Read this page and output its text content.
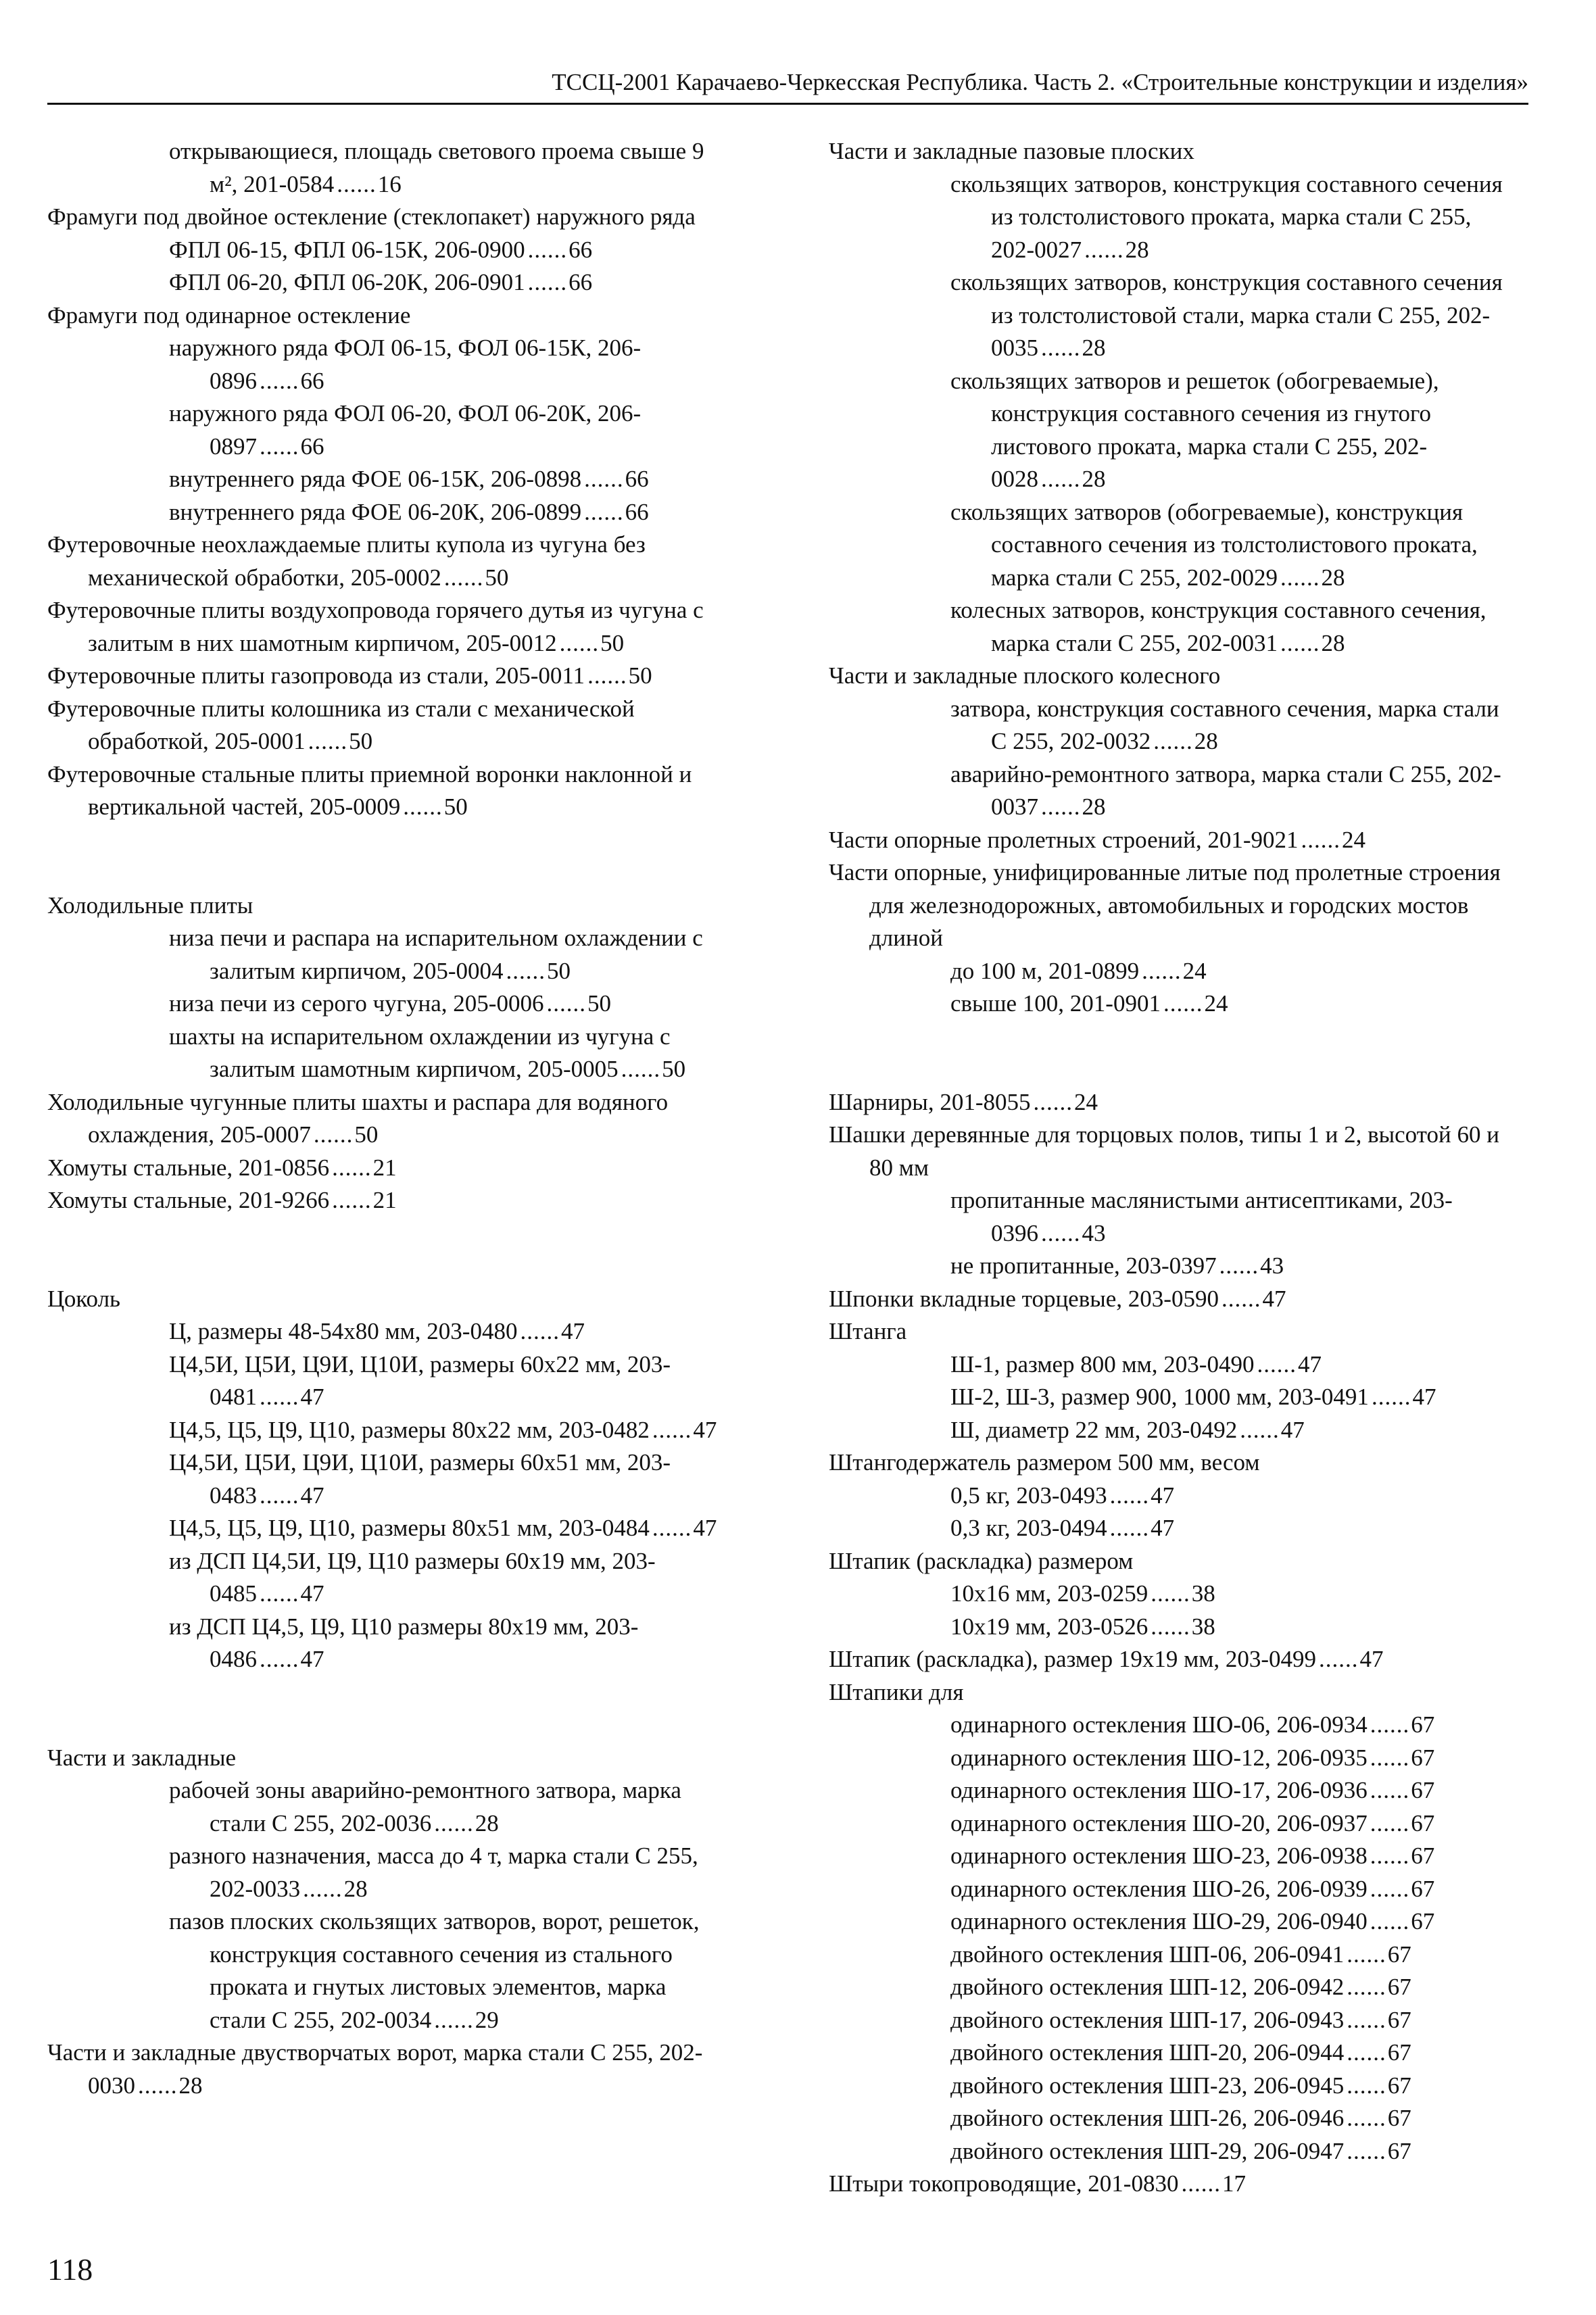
ТССЦ-2001 Карачаево-Черкесская Республика. Часть 2. «Строительные конструкции и изделия»
открывающиеся, площадь светового проема свыше 9 м², 201-0584 ......16
Фрамуги под двойное остекление (стеклопакет) наружного ряда
ФПЛ 06-15, ФПЛ 06-15К, 206-0900 ......66
ФПЛ 06-20, ФПЛ 06-20К, 206-0901 ......66
Фрамуги под одинарное остекление
наружного ряда ФОЛ 06-15, ФОЛ 06-15К, 206-0896 ......66
наружного ряда ФОЛ 06-20, ФОЛ 06-20К, 206-0897 ......66
внутреннего ряда ФОЕ 06-15К, 206-0898 ......66
внутреннего ряда ФОЕ 06-20К, 206-0899 ......66
Футеровочные неохлаждаемые плиты купола из чугуна без механической обработки, 205-0002 ......50
Футеровочные плиты воздухопровода горячего дутья из чугуна с залитым в них шамотным кирпичом, 205-0012 ......50
Футеровочные плиты газопровода из стали, 205-0011 ......50
Футеровочные плиты колошника из стали с механической обработкой, 205-0001 ......50
Футеровочные стальные плиты приемной воронки наклонной и вертикальной частей, 205-0009 ......50
Холодильные плиты
низа печи и распара на испарительном охлаждении с залитым кирпичом, 205-0004 ......50
низа печи из серого чугуна, 205-0006 ......50
шахты на испарительном охлаждении из чугуна с залитым шамотным кирпичом, 205-0005 ......50
Холодильные чугунные плиты шахты и распара для водяного охлаждения, 205-0007 ......50
Хомуты стальные, 201-0856 ......21
Хомуты стальные, 201-9266 ......21
Цоколь
Ц, размеры 48-54x80 мм, 203-0480 ......47
Ц4,5И, Ц5И, Ц9И, Ц10И, размеры 60x22 мм, 203-0481 ......47
Ц4,5, Ц5, Ц9, Ц10, размеры 80x22 мм, 203-0482 ......47
Ц4,5И, Ц5И, Ц9И, Ц10И, размеры 60x51 мм, 203-0483 ......47
Ц4,5, Ц5, Ц9, Ц10, размеры 80x51 мм, 203-0484 ......47
из ДСП Ц4,5И, Ц9, Ц10 размеры 60x19 мм, 203-0485 ......47
из ДСП Ц4,5, Ц9, Ц10 размеры 80x19 мм, 203-0486 ......47
Части и закладные
рабочей зоны аварийно-ремонтного затвора, марка стали С 255, 202-0036 ......28
разного назначения, масса до 4 т, марка стали С 255, 202-0033 ......28
пазов плоских скользящих затворов, ворот, решеток, конструкция составного сечения из стального проката и гнутых листовых элементов, марка стали С 255, 202-0034 ......29
Части и закладные двустворчатых ворот, марка стали С 255, 202-0030 ......28
Части и закладные пазовые плоских
скользящих затворов, конструкция составного сечения из толстолистового проката, марка стали С 255, 202-0027 ......28
скользящих затворов, конструкция составного сечения из толстолистовой стали, марка стали С 255, 202-0035 ......28
скользящих затворов и решеток (обогреваемые), конструкция составного сечения из гнутого листового проката, марка стали С 255, 202-0028 ......28
скользящих затворов (обогреваемые), конструкция составного сечения из толстолистового проката, марка стали С 255, 202-0029 ......28
колесных затворов, конструкция составного сечения, марка стали С 255, 202-0031 ......28
Части и закладные плоского колесного
затвора, конструкция составного сечения, марка стали С 255, 202-0032 ......28
аварийно-ремонтного затвора, марка стали С 255, 202-0037 ......28
Части опорные пролетных строений, 201-9021 ......24
Части опорные, унифицированные литые под пролетные строения для железнодорожных, автомобильных и городских мостов длиной
до 100 м, 201-0899 ......24
свыше 100, 201-0901 ......24
Шарниры, 201-8055 ......24
Шашки деревянные для торцовых полов, типы 1 и 2, высотой 60 и 80 мм
пропитанные маслянистыми антисептиками, 203-0396 ......43
не пропитанные, 203-0397 ......43
Шпонки вкладные торцевые, 203-0590 ......47
Штанга
Ш-1, размер 800 мм, 203-0490 ......47
Ш-2, Ш-3, размер 900, 1000 мм, 203-0491 ......47
Ш, диаметр 22 мм, 203-0492 ......47
Штангодержатель размером 500 мм, весом
0,5 кг, 203-0493 ......47
0,3 кг, 203-0494 ......47
Штапик (раскладка) размером
10x16 мм, 203-0259 ......38
10x19 мм, 203-0526 ......38
Штапик (раскладка), размер 19x19 мм, 203-0499 ......47
Штапики для
одинарного остекления ШО-06, 206-0934 ......67
одинарного остекления ШО-12, 206-0935 ......67
одинарного остекления ШО-17, 206-0936 ......67
одинарного остекления ШО-20, 206-0937 ......67
одинарного остекления ШО-23, 206-0938 ......67
одинарного остекления ШО-26, 206-0939 ......67
одинарного остекления ШО-29, 206-0940 ......67
двойного остекления ШП-06, 206-0941 ......67
двойного остекления ШП-12, 206-0942 ......67
двойного остекления ШП-17, 206-0943 ......67
двойного остекления ШП-20, 206-0944 ......67
двойного остекления ШП-23, 206-0945 ......67
двойного остекления ШП-26, 206-0946 ......67
двойного остекления ШП-29, 206-0947 ......67
Штыри токопроводящие, 201-0830 ......17
118
